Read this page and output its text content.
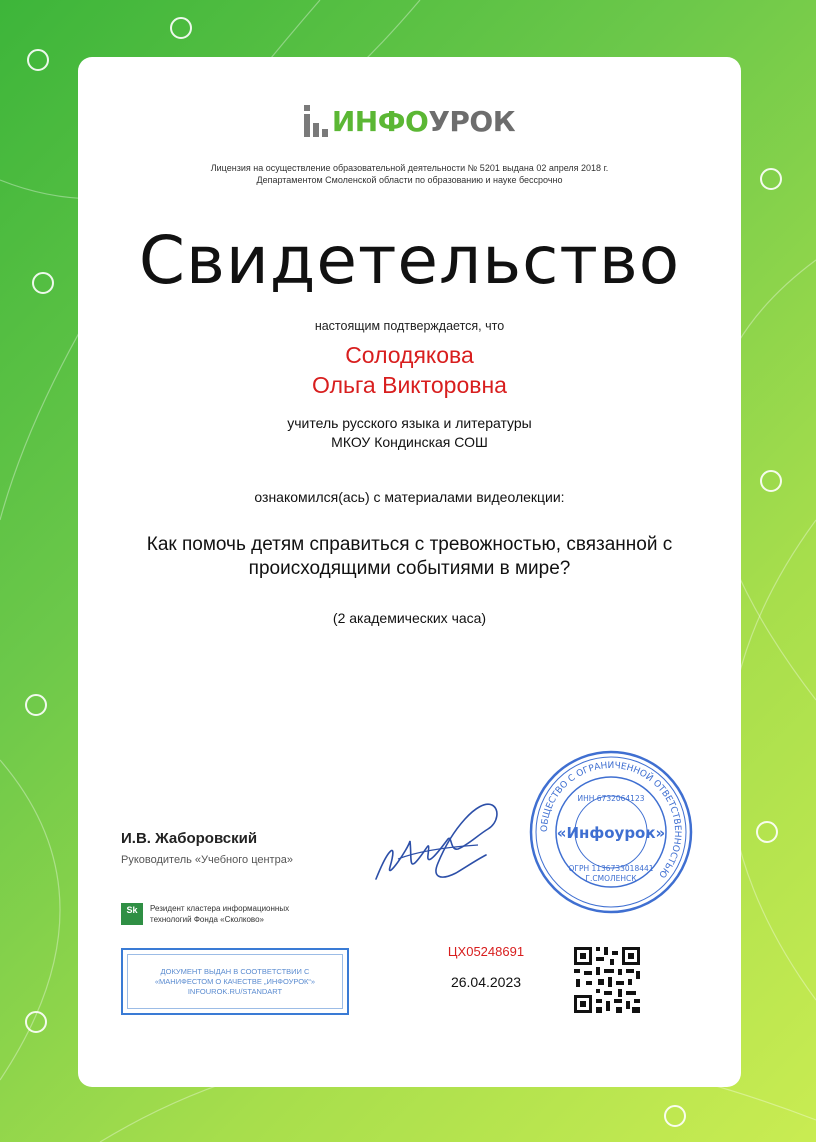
ИНФОУРОК
Лицензия на осуществление образовательной деятельности № 5201 выдана 02 апреля 2018 г.
Департаментом Смоленской области по образованию и науке бессрочно
Свидетельство
настоящим подтверждается, что
Солодякова
Ольга Викторовна
учитель русского языка и литературы
МКОУ Кондинская СОШ
ознакомился(ась) с материалами видеолекции:
Как помочь детям справиться с тревожностью, связанной с
происходящими событиями в мире?
(2 академических часа)
И.В. Жаборовский
Руководитель «Учебного центра»
Sk	Резидент кластера информационных
технологий Фонда «Сколково»
ДОКУМЕНТ ВЫДАН В СООТВЕТСТВИИ С
«МАНИФЕСТОМ О КАЧЕСТВЕ „ИНФОУРОК“»
INFOUROK.RU/STANDART
ОБЩЕСТВО С ОГРАНИЧЕННОЙ ОТВЕТСТВЕННОСТЬЮ
ИНН 6732064123
«Инфоурок»
ОГРН 1136733018441
Г.СМОЛЕНСК
ЦХ05248691
26.04.2023
